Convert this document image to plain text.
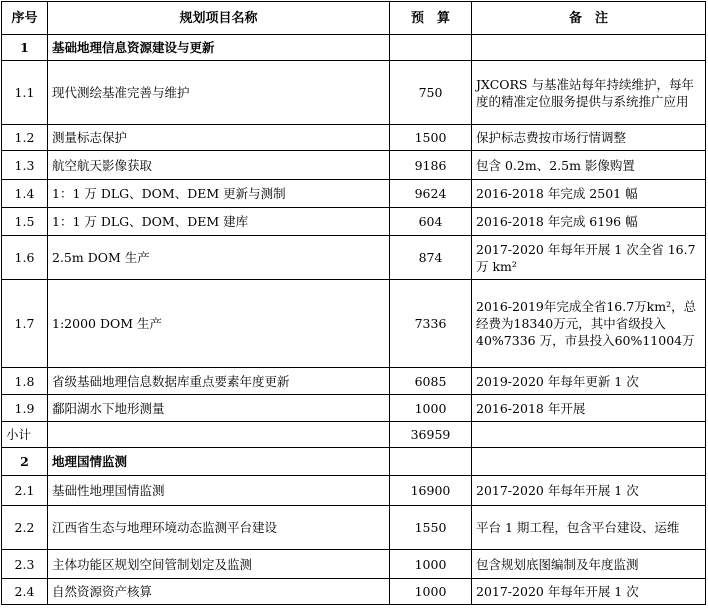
序号	规划项目名称	预　算	备　注
1	基础地理信息资源建设与更新		
1.1	现代测绘基准完善与维护	750	JXCORS 与基准站每年持续维护，每年度的精准定位服务提供与系统推广应用
1.2	测量标志保护	1500	保护标志费按市场行情调整
1.3	航空航天影像获取	9186	包含 0.2m、2.5m 影像购置
1.4	1：1 万 DLG、DOM、DEM 更新与测制	9624	2016-2018 年完成 2501 幅
1.5	1：1 万 DLG、DOM、DEM 建库	604	2016-2018 年完成 6196 幅
1.6	2.5m DOM 生产	874	2017-2020 年每年开展 1 次全省 16.7 万 km²
1.7	1:2000 DOM 生产	7336	2016-2019年完成全省16.7万km²，总经费为18340万元，其中省级投入 40%7336 万，市县投入60%11004万
1.8	省级基础地理信息数据库重点要素年度更新	6085	2019-2020 年每年更新 1 次
1.9	鄱阳湖水下地形测量	1000	2016-2018 年开展
小计		36959	
2	地理国情监测		
2.1	基础性地理国情监测	16900	2017-2020 年每年开展 1 次
2.2	江西省生态与地理环境动态监测平台建设	1550	平台 1 期工程，包含平台建设、运维
2.3	主体功能区规划空间管制划定及监测	1000	包含规划底图编制及年度监测
2.4	自然资源资产核算	1000	2017-2020 年每年开展 1 次
